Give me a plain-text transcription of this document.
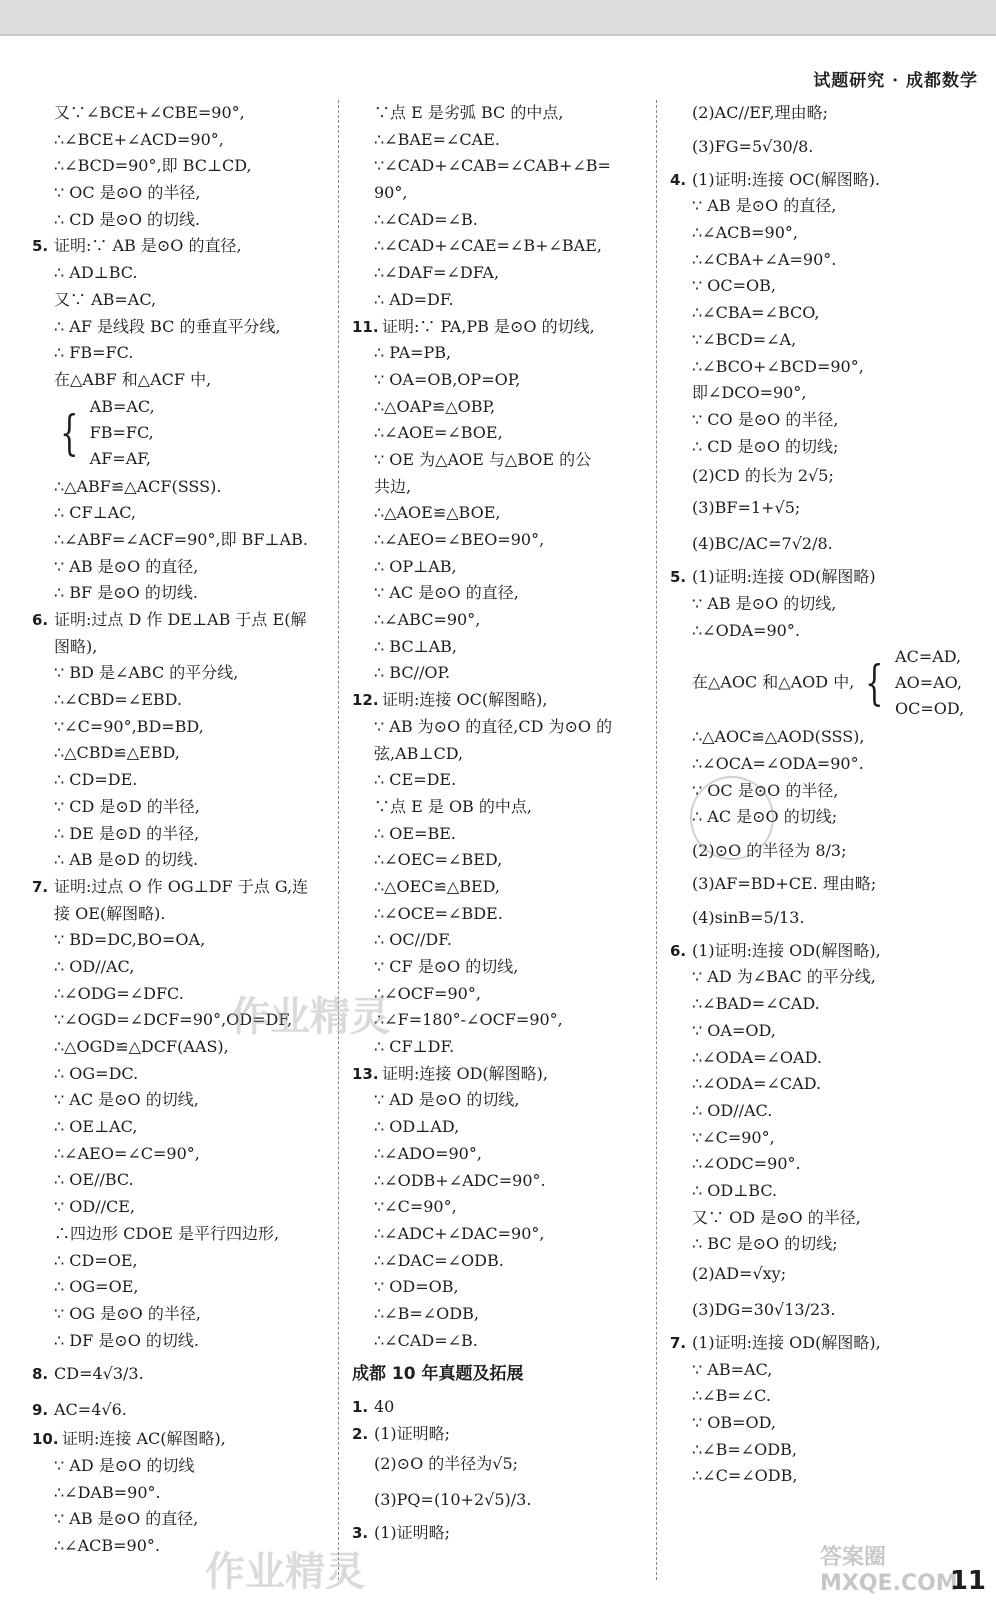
试题研究 · 成都数学
又∵∠BCE+∠CBE=90°,
∴∠BCE+∠ACD=90°,
∴∠BCD=90°,即 BC⊥CD,
∵ OC 是⊙O 的半径,
∴ CD 是⊙O 的切线.
5. 证明:∵ AB 是⊙O 的直径,
∴ AD⊥BC.
又∵ AB=AC,
∴ AF 是线段 BC 的垂直平分线,
∴ FB=FC.
在△ABF 和△ACF 中,
{ AB=AC,
FB=FC,
AF=AF,
∴△ABF≌△ACF(SSS).
∴ CF⊥AC,
∴∠ABF=∠ACF=90°,即 BF⊥AB.
∵ AB 是⊙O 的直径,
∴ BF 是⊙O 的切线.
6. 证明:过点 D 作 DE⊥AB 于点 E(解
图略),
∵ BD 是∠ABC 的平分线,
∴∠CBD=∠EBD.
∵∠C=90°,BD=BD,
∴△CBD≌△EBD,
∴ CD=DE.
∵ CD 是⊙D 的半径,
∴ DE 是⊙D 的半径,
∴ AB 是⊙D 的切线.
7. 证明:过点 O 作 OG⊥DF 于点 G,连
接 OE(解图略).
∵ BD=DC,BO=OA,
∴ OD//AC,
∴∠ODG=∠DFC.
∵∠OGD=∠DCF=90°,OD=DF,
∴△OGD≌△DCF(AAS),
∴ OG=DC.
∵ AC 是⊙O 的切线,
∴ OE⊥AC,
∴∠AEO=∠C=90°,
∴ OE//BC.
∵ OD//CE,
∴四边形 CDOE 是平行四边形,
∴ CD=OE,
∴ OG=OE,
∵ OG 是⊙O 的半径,
∴ DF 是⊙O 的切线.
8. CD=4√3/3.
9. AC=4√6.
10. 证明:连接 AC(解图略),
∵ AD 是⊙O 的切线
∴∠DAB=90°.
∵ AB 是⊙O 的直径,
∴∠ACB=90°.
∵点 E 是劣弧 BC 的中点,
∴∠BAE=∠CAE.
∵∠CAD+∠CAB=∠CAB+∠B=
90°,
∴∠CAD=∠B.
∴∠CAD+∠CAE=∠B+∠BAE,
∴∠DAF=∠DFA,
∴ AD=DF.
11. 证明:∵ PA,PB 是⊙O 的切线,
∴ PA=PB,
∵ OA=OB,OP=OP,
∴△OAP≌△OBP,
∴∠AOE=∠BOE,
∵ OE 为△AOE 与△BOE 的公
共边,
∴△AOE≌△BOE,
∴∠AEO=∠BEO=90°,
∴ OP⊥AB,
∵ AC 是⊙O 的直径,
∴∠ABC=90°,
∴ BC⊥AB,
∴ BC//OP.
12. 证明:连接 OC(解图略),
∵ AB 为⊙O 的直径,CD 为⊙O 的
弦,AB⊥CD,
∴ CE=DE.
∵点 E 是 OB 的中点,
∴ OE=BE.
∴∠OEC=∠BED,
∴△OEC≌△BED,
∴∠OCE=∠BDE.
∴ OC//DF.
∵ CF 是⊙O 的切线,
∴∠OCF=90°,
∴∠F=180°-∠OCF=90°,
∴ CF⊥DF.
13. 证明:连接 OD(解图略),
∵ AD 是⊙O 的切线,
∴ OD⊥AD,
∴∠ADO=90°,
∴∠ODB+∠ADC=90°.
∵∠C=90°,
∴∠ADC+∠DAC=90°,
∴∠DAC=∠ODB.
∵ OD=OB,
∴∠B=∠ODB,
∴∠CAD=∠B.
成都 10 年真题及拓展
1. 40
2. (1)证明略;
(2)⊙O 的半径为√5;
(3)PQ=(10+2√5)/3.
3. (1)证明略;
(2)AC//EF,理由略;
(3)FG=5√30/8.
4. (1)证明:连接 OC(解图略).
∵ AB 是⊙O 的直径,
∴∠ACB=90°,
∴∠CBA+∠A=90°.
∵ OC=OB,
∴∠CBA=∠BCO,
∵∠BCD=∠A,
∴∠BCO+∠BCD=90°,
即∠DCO=90°,
∵ CO 是⊙O 的半径,
∴ CD 是⊙O 的切线;
(2)CD 的长为 2√5;
(3)BF=1+√5;
(4)BC/AC=7√2/8.
5. (1)证明:连接 OD(解图略)
∵ AB 是⊙O 的切线,
∴∠ODA=90°.
在△AOC 和△AOD 中, { AC=AD,
AO=AO,
OC=OD,
∴△AOC≌△AOD(SSS),
∴∠OCA=∠ODA=90°.
∵ OC 是⊙O 的半径,
∴ AC 是⊙O 的切线;
(2)⊙O 的半径为 8/3;
(3)AF=BD+CE. 理由略;
(4)sinB=5/13.
6. (1)证明:连接 OD(解图略),
∵ AD 为∠BAC 的平分线,
∴∠BAD=∠CAD.
∵ OA=OD,
∴∠ODA=∠OAD.
∴∠ODA=∠CAD.
∴ OD//AC.
∵∠C=90°,
∴∠ODC=90°.
∴ OD⊥BC.
又∵ OD 是⊙O 的半径,
∴ BC 是⊙O 的切线;
(2)AD=√xy;
(3)DG=30√13/23.
7. (1)证明:连接 OD(解图略),
∵ AB=AC,
∴∠B=∠C.
∵ OB=OD,
∴∠B=∠ODB,
∴∠C=∠ODB,
作业精灵
作业精灵	答案圈 MXQE.COM
11
